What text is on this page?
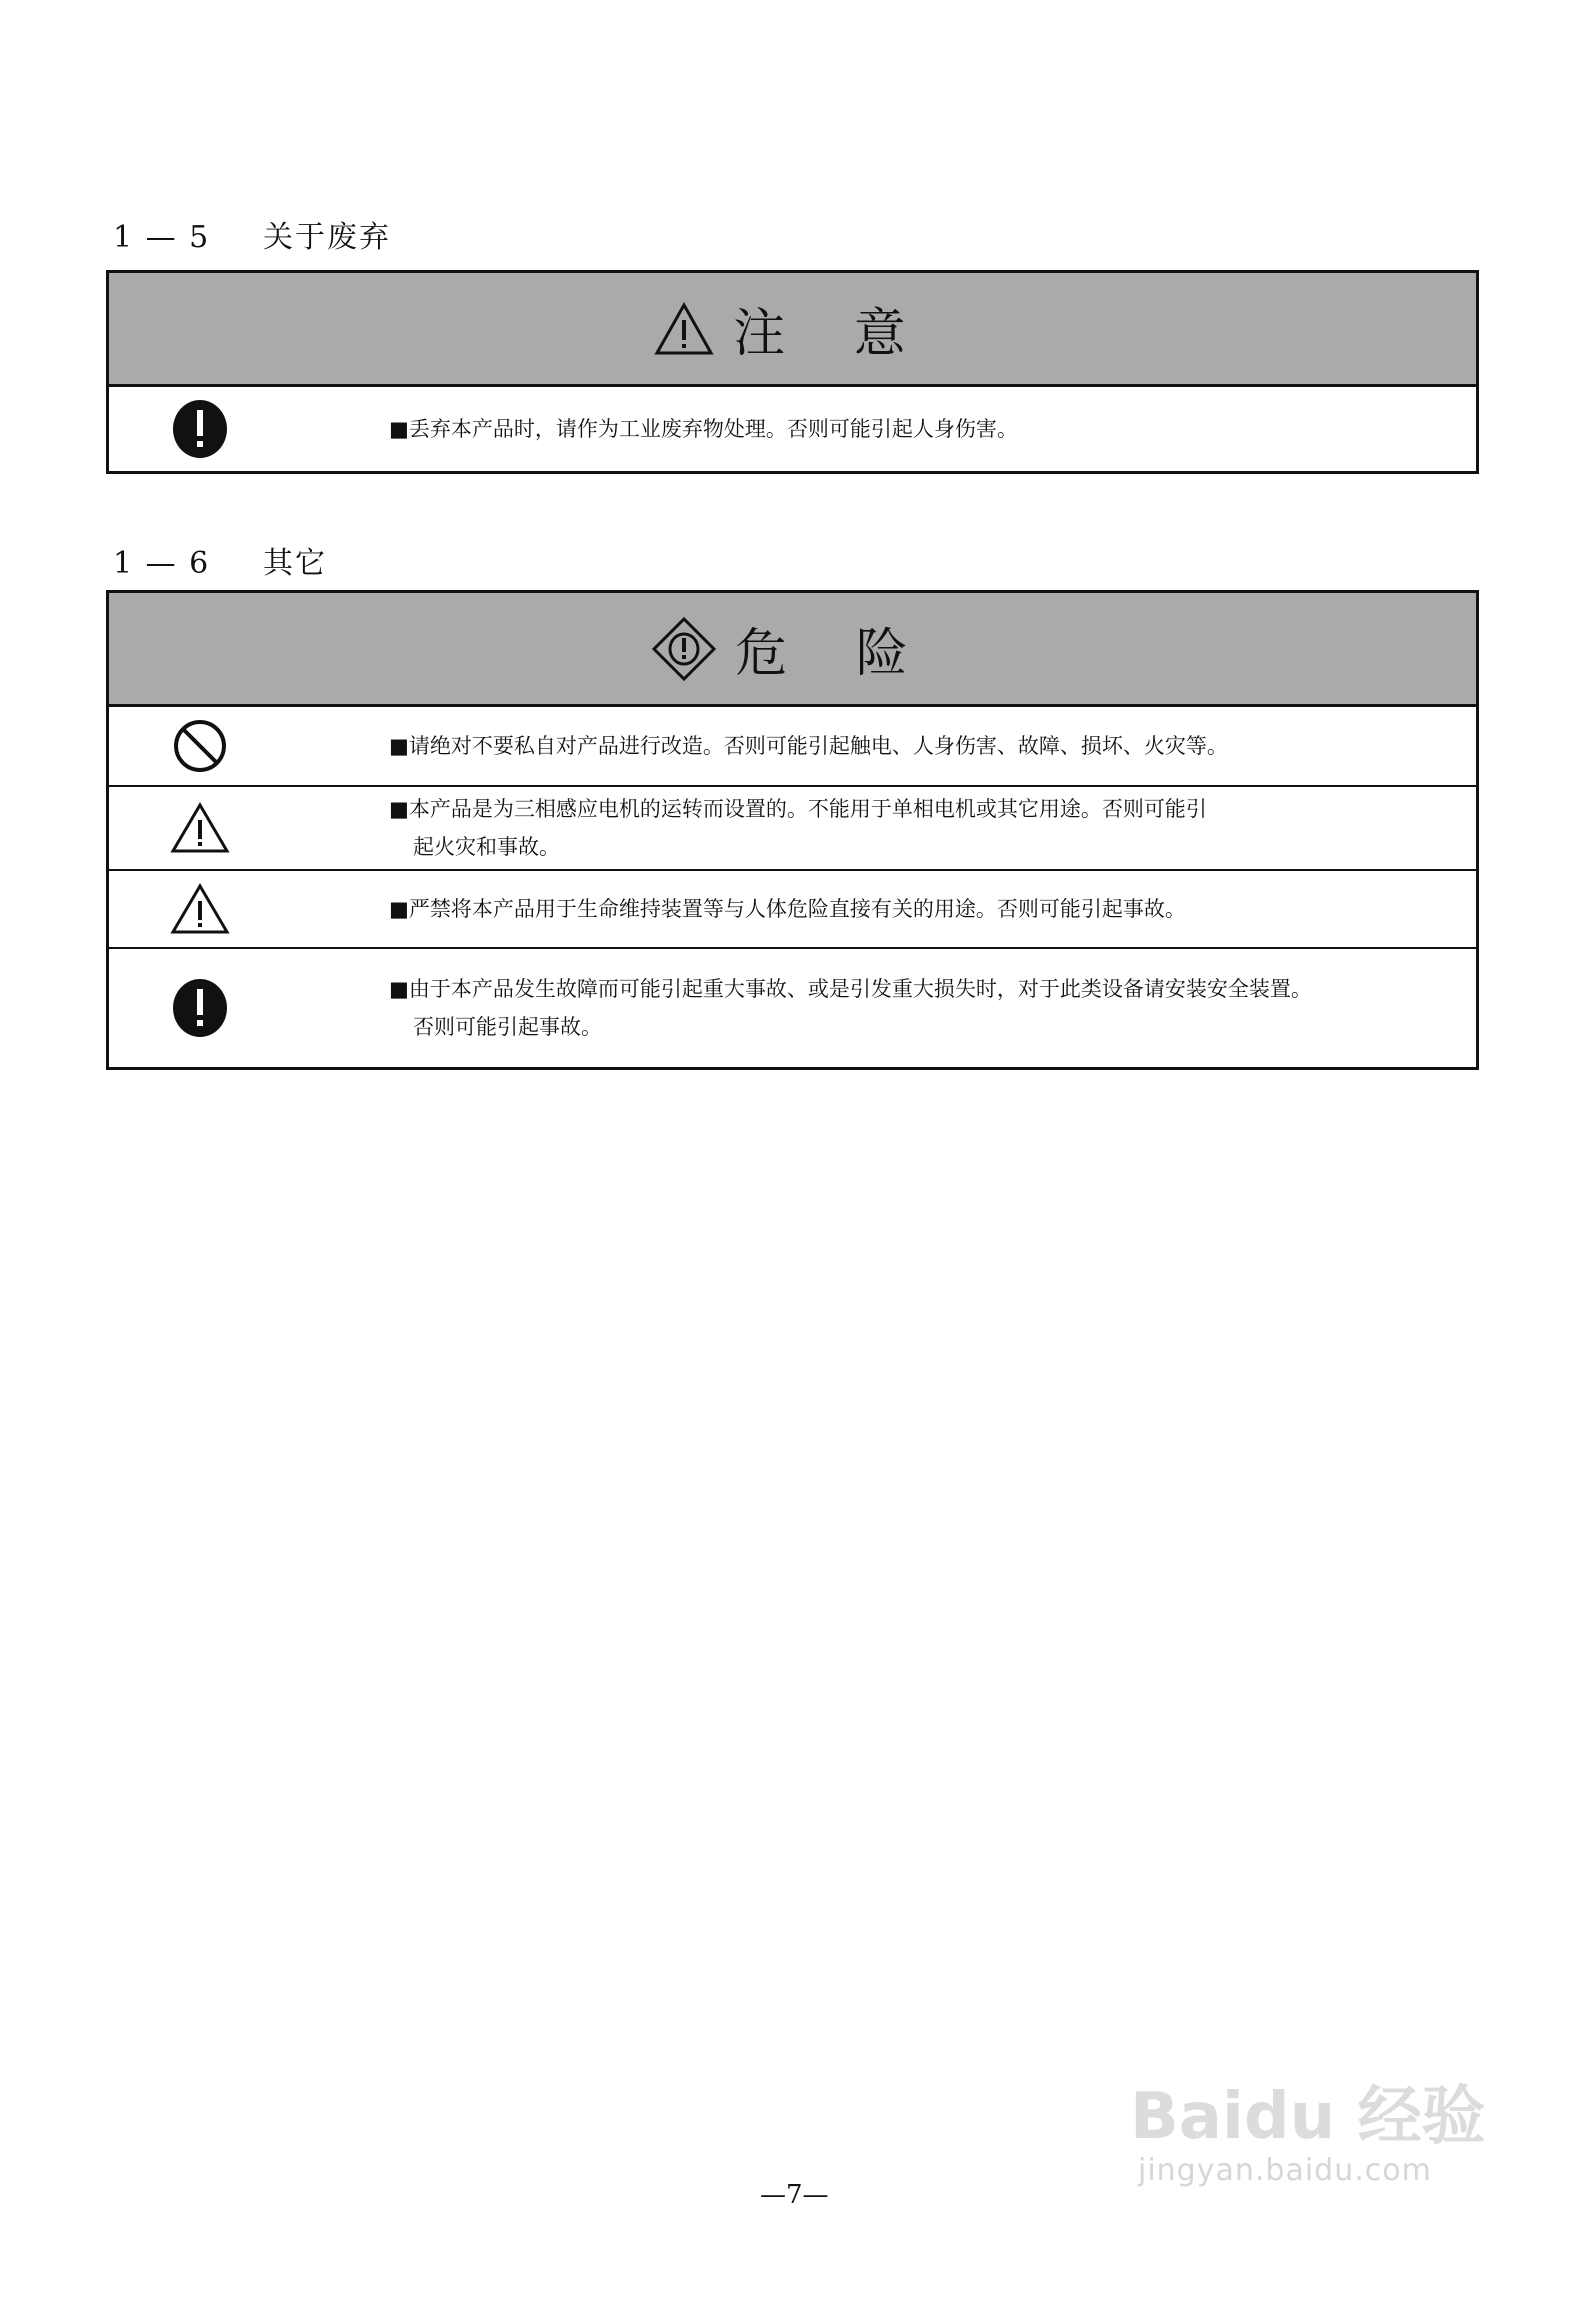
1 — 5 关于废弃
注 意
■丢弃本产品时，请作为工业废弃物处理。否则可能引起人身伤害。
1 — 6 其它
危 险
■请绝对不要私自对产品进行改造。否则可能引起触电、人身伤害、故障、损坏、火灾等。
■本产品是为三相感应电机的运转而设置的。不能用于单相电机或其它用途。否则可能引
起火灾和事故。
■严禁将本产品用于生命维持装置等与人体危险直接有关的用途。否则可能引起事故。
■由于本产品发生故障而可能引起重大事故、或是引发重大损失时，对于此类设备请安装安全装置。
否则可能引起事故。
—7—
Baidu 经验
jingyan.baidu.com
